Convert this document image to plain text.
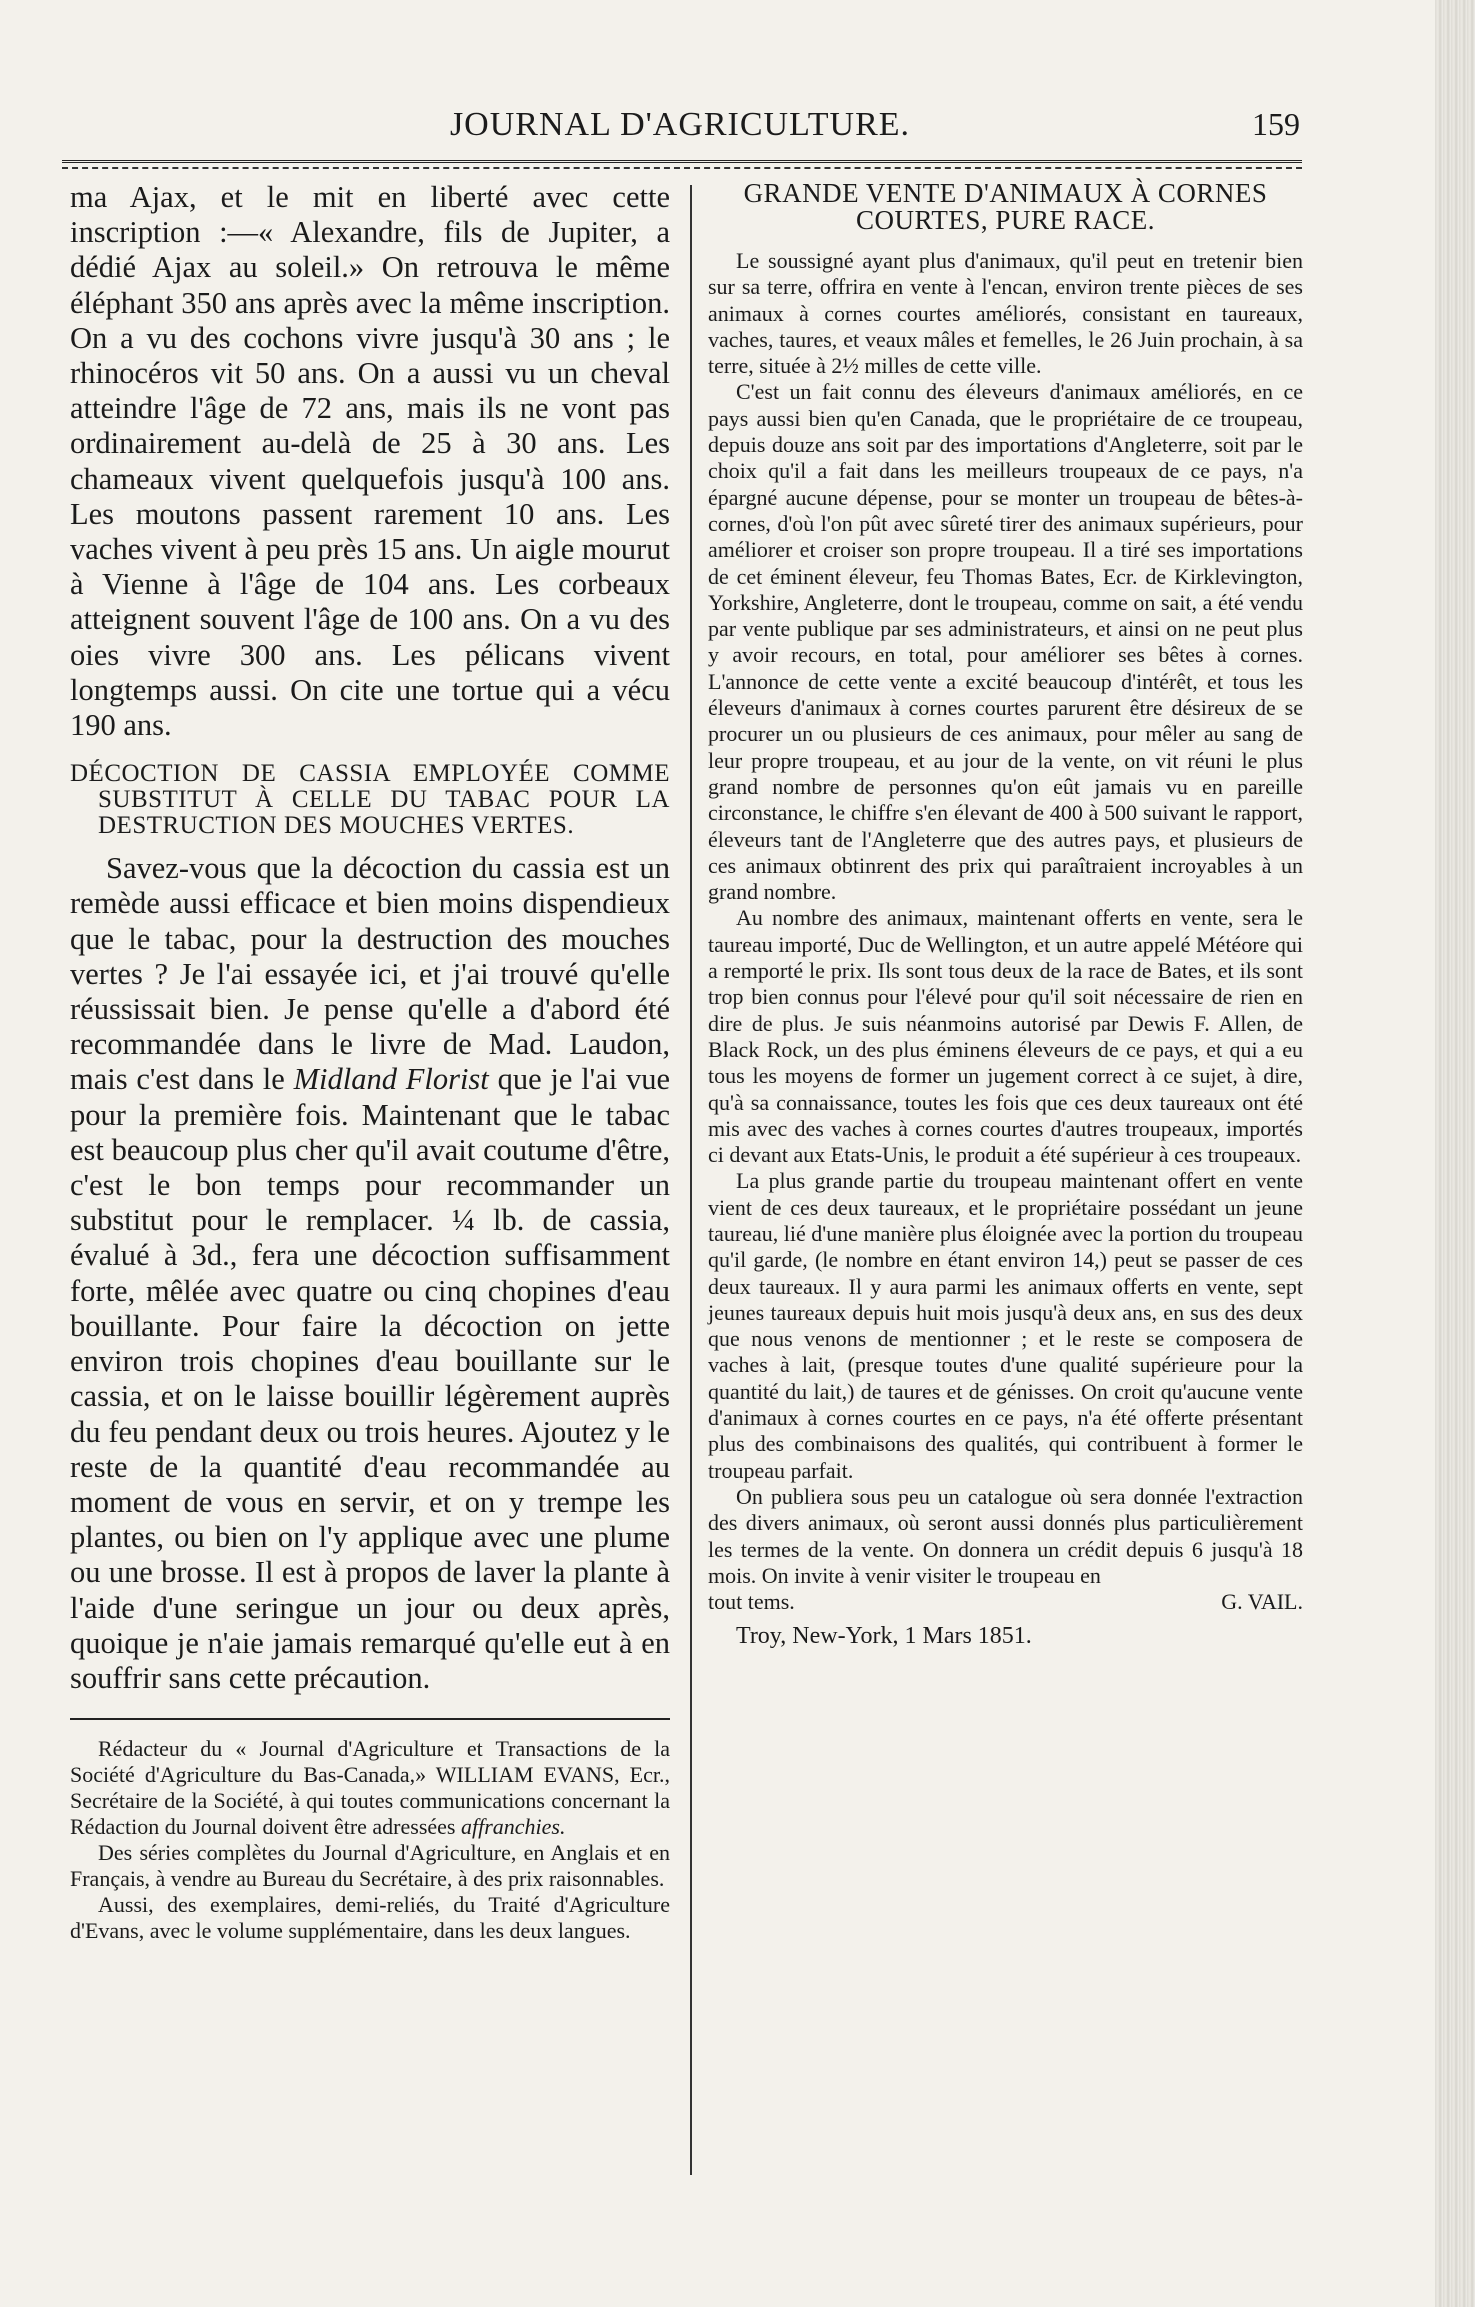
JOURNAL D'AGRICULTURE.	159

ma Ajax, et le mit en liberté avec cette inscription :—« Alexandre, fils de Jupiter, a dédié Ajax au soleil.» On retrouva le même éléphant 350 ans après avec la même inscription. On a vu des cochons vivre jusqu'à 30 ans ; le rhinocéros vit 50 ans. On a aussi vu un cheval atteindre l'âge de 72 ans, mais ils ne vont pas ordinairement au-delà de 25 à 30 ans. Les chameaux vivent quelquefois jusqu'à 100 ans. Les moutons passent rarement 10 ans. Les vaches vivent à peu près 15 ans. Un aigle mourut à Vienne à l'âge de 104 ans. Les corbeaux atteignent souvent l'âge de 100 ans. On a vu des oies vivre 300 ans. Les pélicans vivent longtemps aussi. On cite une tortue qui a vécu 190 ans.

DÉCOCTION DE CASSIA EMPLOYÉE COMME SUBSTITUT À CELLE DU TABAC POUR LA DESTRUCTION DES MOUCHES VERTES.

Savez-vous que la décoction du cassia est un remède aussi efficace et bien moins dispendieux que le tabac, pour la destruction des mouches vertes ? Je l'ai essayée ici, et j'ai trouvé qu'elle réussissait bien. Je pense qu'elle a d'abord été recommandée dans le livre de Mad. Laudon, mais c'est dans le Midland Florist que je l'ai vue pour la première fois. Maintenant que le tabac est beaucoup plus cher qu'il avait coutume d'être, c'est le bon temps pour recommander un substitut pour le remplacer. ¼ lb. de cassia, évalué à 3d., fera une décoction suffisamment forte, mêlée avec quatre ou cinq chopines d'eau bouillante. Pour faire la décoction on jette environ trois chopines d'eau bouillante sur le cassia, et on le laisse bouillir légèrement auprès du feu pendant deux ou trois heures. Ajoutez y le reste de la quantité d'eau recommandée au moment de vous en servir, et on y trempe les plantes, ou bien on l'y applique avec une plume ou une brosse. Il est à propos de laver la plante à l'aide d'une seringue un jour ou deux après, quoique je n'aie jamais remarqué qu'elle eut à en souffrir sans cette précaution.

Rédacteur du « Journal d'Agriculture et Transactions de la Société d'Agriculture du Bas-Canada,» WILLIAM EVANS, Ecr., Secrétaire de la Société, à qui toutes communications concernant la Rédaction du Journal doivent être adressées affranchies.

Des séries complètes du Journal d'Agriculture, en Anglais et en Français, à vendre au Bureau du Secrétaire, à des prix raisonnables.

Aussi, des exemplaires, demi-reliés, du Traité d'Agriculture d'Evans, avec le volume supplémentaire, dans les deux langues.

GRANDE VENTE D'ANIMAUX À CORNES COURTES, PURE RACE.

Le soussigné ayant plus d'animaux, qu'il peut en tretenir bien sur sa terre, offrira en vente à l'encan, environ trente pièces de ses animaux à cornes courtes améliorés, consistant en taureaux, vaches, taures, et veaux mâles et femelles, le 26 Juin prochain, à sa terre, située à 2½ milles de cette ville.

C'est un fait connu des éleveurs d'animaux améliorés, en ce pays aussi bien qu'en Canada, que le propriétaire de ce troupeau, depuis douze ans soit par des importations d'Angleterre, soit par le choix qu'il a fait dans les meilleurs troupeaux de ce pays, n'a épargné aucune dépense, pour se monter un troupeau de bêtes-à-cornes, d'où l'on pût avec sûreté tirer des animaux supérieurs, pour améliorer et croiser son propre troupeau. Il a tiré ses importations de cet éminent éleveur, feu Thomas Bates, Ecr. de Kirklevington, Yorkshire, Angleterre, dont le troupeau, comme on sait, a été vendu par vente publique par ses administrateurs, et ainsi on ne peut plus y avoir recours, en total, pour améliorer ses bêtes à cornes. L'annonce de cette vente a excité beaucoup d'intérêt, et tous les éleveurs d'animaux à cornes courtes parurent être désireux de se procurer un ou plusieurs de ces animaux, pour mêler au sang de leur propre troupeau, et au jour de la vente, on vit réuni le plus grand nombre de personnes qu'on eût jamais vu en pareille circonstance, le chiffre s'en élevant de 400 à 500 suivant le rapport, éleveurs tant de l'Angleterre que des autres pays, et plusieurs de ces animaux obtinrent des prix qui paraîtraient incroyables à un grand nombre.

Au nombre des animaux, maintenant offerts en vente, sera le taureau importé, Duc de Wellington, et un autre appelé Météore qui a remporté le prix. Ils sont tous deux de la race de Bates, et ils sont trop bien connus pour l'élevé pour qu'il soit nécessaire de rien en dire de plus. Je suis néanmoins autorisé par Dewis F. Allen, de Black Rock, un des plus éminens éleveurs de ce pays, et qui a eu tous les moyens de former un jugement correct à ce sujet, à dire, qu'à sa connaissance, toutes les fois que ces deux taureaux ont été mis avec des vaches à cornes courtes d'autres troupeaux, importés ci devant aux Etats-Unis, le produit a été supérieur à ces troupeaux.

La plus grande partie du troupeau maintenant offert en vente vient de ces deux taureaux, et le propriétaire possédant un jeune taureau, lié d'une manière plus éloignée avec la portion du troupeau qu'il garde, (le nombre en étant environ 14,) peut se passer de ces deux taureaux. Il y aura parmi les animaux offerts en vente, sept jeunes taureaux depuis huit mois jusqu'à deux ans, en sus des deux que nous venons de mentionner ; et le reste se composera de vaches à lait, (presque toutes d'une qualité supérieure pour la quantité du lait,) de taures et de génisses. On croit qu'aucune vente d'animaux à cornes courtes en ce pays, n'a été offerte présentant plus des combinaisons des qualités, qui contribuent à former le troupeau parfait.

On publiera sous peu un catalogue où sera donnée l'extraction des divers animaux, où seront aussi donnés plus particulièrement les termes de la vente. On donnera un crédit depuis 6 jusqu'à 18 mois. On invite à venir visiter le troupeau en

tout tems.	G. VAIL.
Troy, New-York, 1 Mars 1851.
